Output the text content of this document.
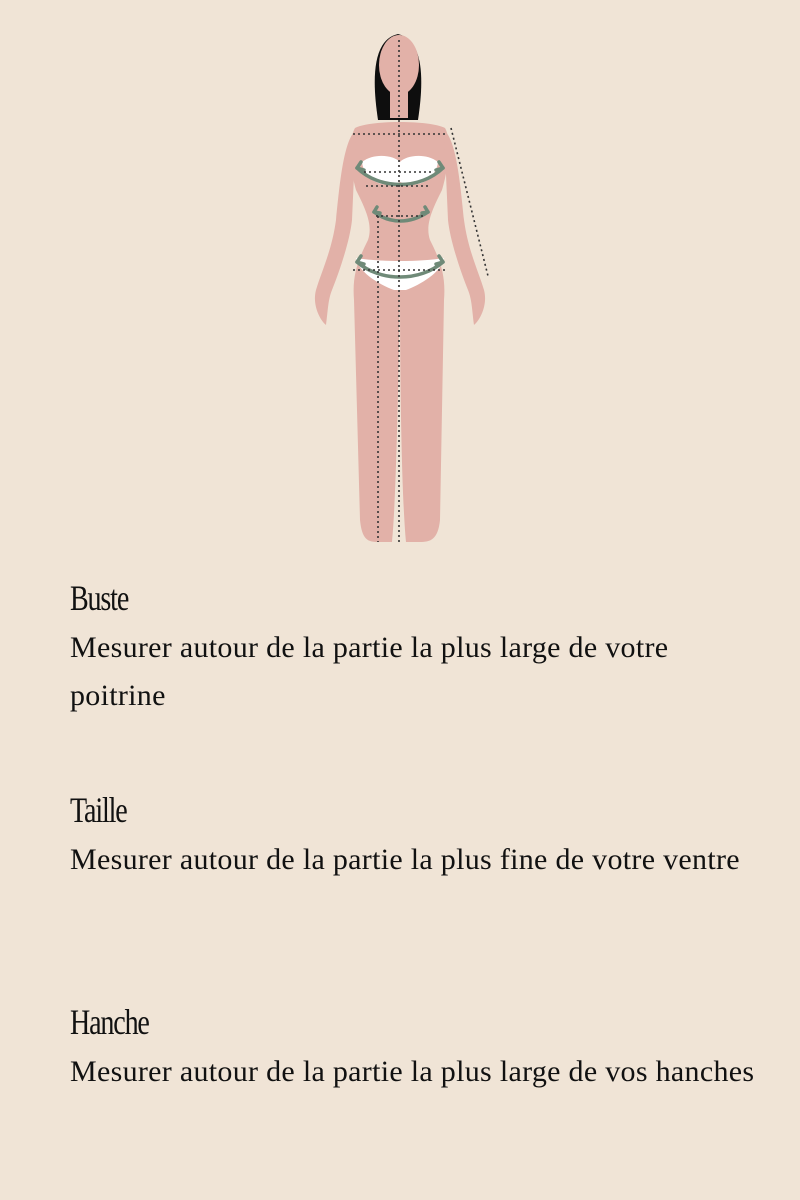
Buste
Mesurer autour de la partie la plus large de votre poitrine
Taille
Mesurer autour de la partie la plus fine de votre ventre
Hanche
Mesurer autour de la partie la plus large de vos hanches
